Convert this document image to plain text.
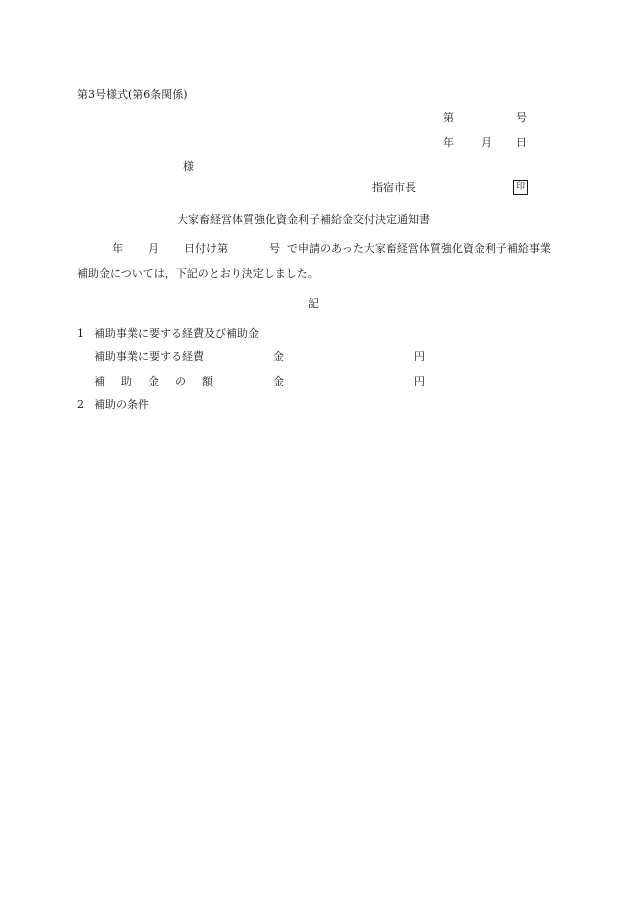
第3号様式(第6条関係)
第	号
年 月 日
様
指宿市長	印
大家畜経営体質強化資金利子補給金交付決定通知書
年 月 日付け第	号 で申請のあった大家畜経営体質強化資金利子補給事業
補助金については，下記のとおり決定しました。
記
1 補助事業に要する経費及び補助金
補助事業に要する経費	金	円
補 助 金 の 額	金	円
2 補助の条件
